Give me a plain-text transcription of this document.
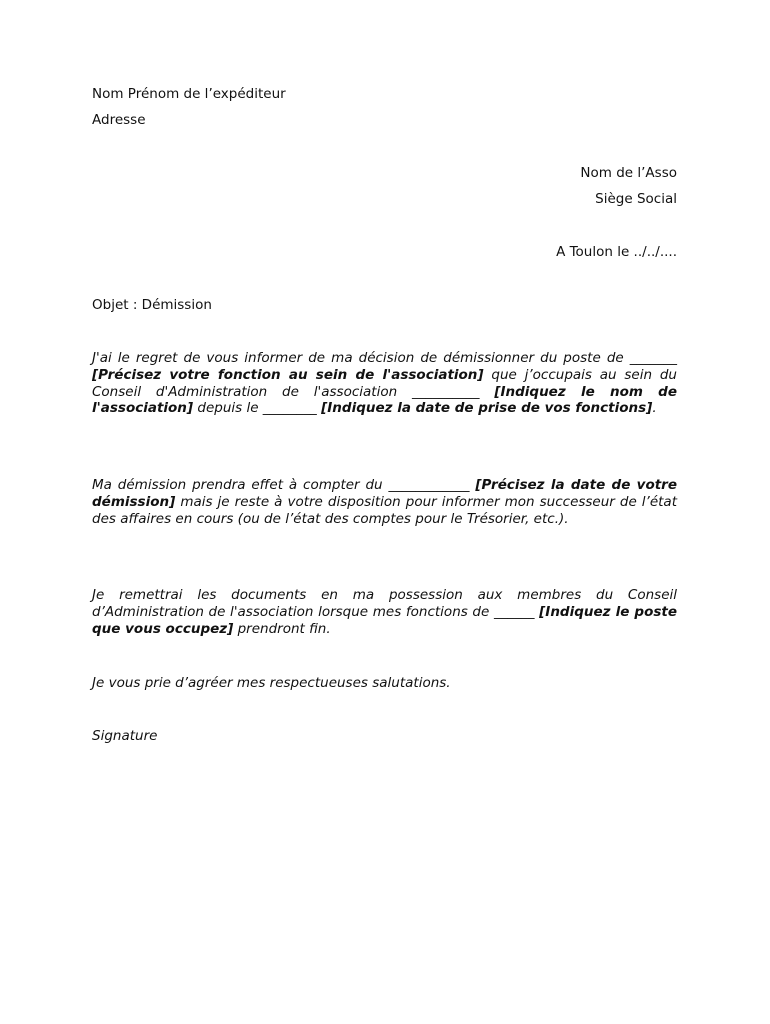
Nom Prénom de l’expéditeur
Adresse
Nom de l’Asso
Siège Social
A Toulon le ../../....
Objet : Démission
J'ai le regret de vous informer de ma décision de démissionner du poste de _______ [Précisez votre fonction au sein de l'association] que j’occupais au sein du Conseil d'Administration de l'association __________ [Indiquez le nom de l'association] depuis le ________ [Indiquez la date de prise de vos fonctions].
Ma démission prendra effet à compter du ____________ [Précisez la date de votre démission] mais je reste à votre disposition pour informer mon successeur de l’état des affaires en cours (ou de l’état des comptes pour le Trésorier, etc.).
Je remettrai les documents en ma possession aux membres du Conseil d’Administration de l'association lorsque mes fonctions de ______ [Indiquez le poste que vous occupez] prendront fin.
Je vous prie d’agréer mes respectueuses salutations.
Signature
